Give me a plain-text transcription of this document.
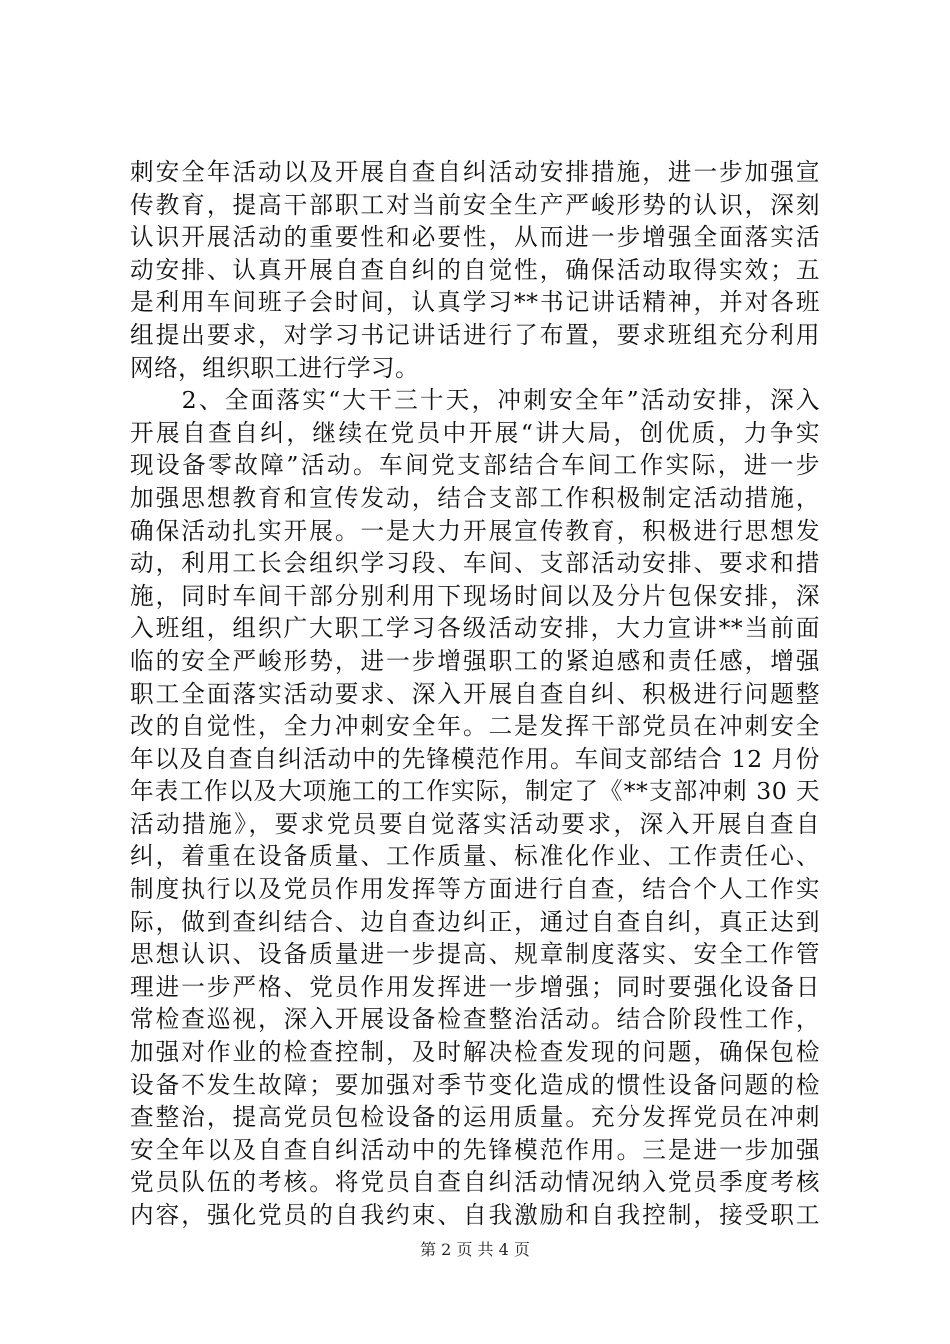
刺安全年活动以及开展自查自纠活动安排措施，进一步加强宣
传教育，提高干部职工对当前安全生产严峻形势的认识，深刻
认识开展活动的重要性和必要性，从而进一步增强全面落实活
动安排、认真开展自查自纠的自觉性，确保活动取得实效；五
是利用车间班子会时间，认真学习**书记讲话精神，并对各班
组提出要求，对学习书记讲话进行了布置，要求班组充分利用
网络，组织职工进行学习。
　　2、全面落实“大干三十天，冲刺安全年”活动安排，深入
开展自查自纠，继续在党员中开展“讲大局，创优质，力争实
现设备零故障”活动。车间党支部结合车间工作实际，进一步
加强思想教育和宣传发动，结合支部工作积极制定活动措施，
确保活动扎实开展。一是大力开展宣传教育，积极进行思想发
动，利用工长会组织学习段、车间、支部活动安排、要求和措
施，同时车间干部分别利用下现场时间以及分片包保安排，深
入班组，组织广大职工学习各级活动安排，大力宣讲**当前面
临的安全严峻形势，进一步增强职工的紧迫感和责任感，增强
职工全面落实活动要求、深入开展自查自纠、积极进行问题整
改的自觉性，全力冲刺安全年。二是发挥干部党员在冲刺安全
年以及自查自纠活动中的先锋模范作用。车间支部结合 12 月份
年表工作以及大项施工的工作实际，制定了《**支部冲刺 30 天
活动措施》，要求党员要自觉落实活动要求，深入开展自查自
纠，着重在设备质量、工作质量、标准化作业、工作责任心、
制度执行以及党员作用发挥等方面进行自查，结合个人工作实
际，做到查纠结合、边自查边纠正，通过自查自纠，真正达到
思想认识、设备质量进一步提高、规章制度落实、安全工作管
理进一步严格、党员作用发挥进一步增强；同时要强化设备日
常检查巡视，深入开展设备检查整治活动。结合阶段性工作，
加强对作业的检查控制，及时解决检查发现的问题，确保包检
设备不发生故障；要加强对季节变化造成的惯性设备问题的检
查整治，提高党员包检设备的运用质量。充分发挥党员在冲刺
安全年以及自查自纠活动中的先锋模范作用。三是进一步加强
党员队伍的考核。将党员自查自纠活动情况纳入党员季度考核
内容，强化党员的自我约束、自我激励和自我控制，接受职工
第 2 页 共 4 页
